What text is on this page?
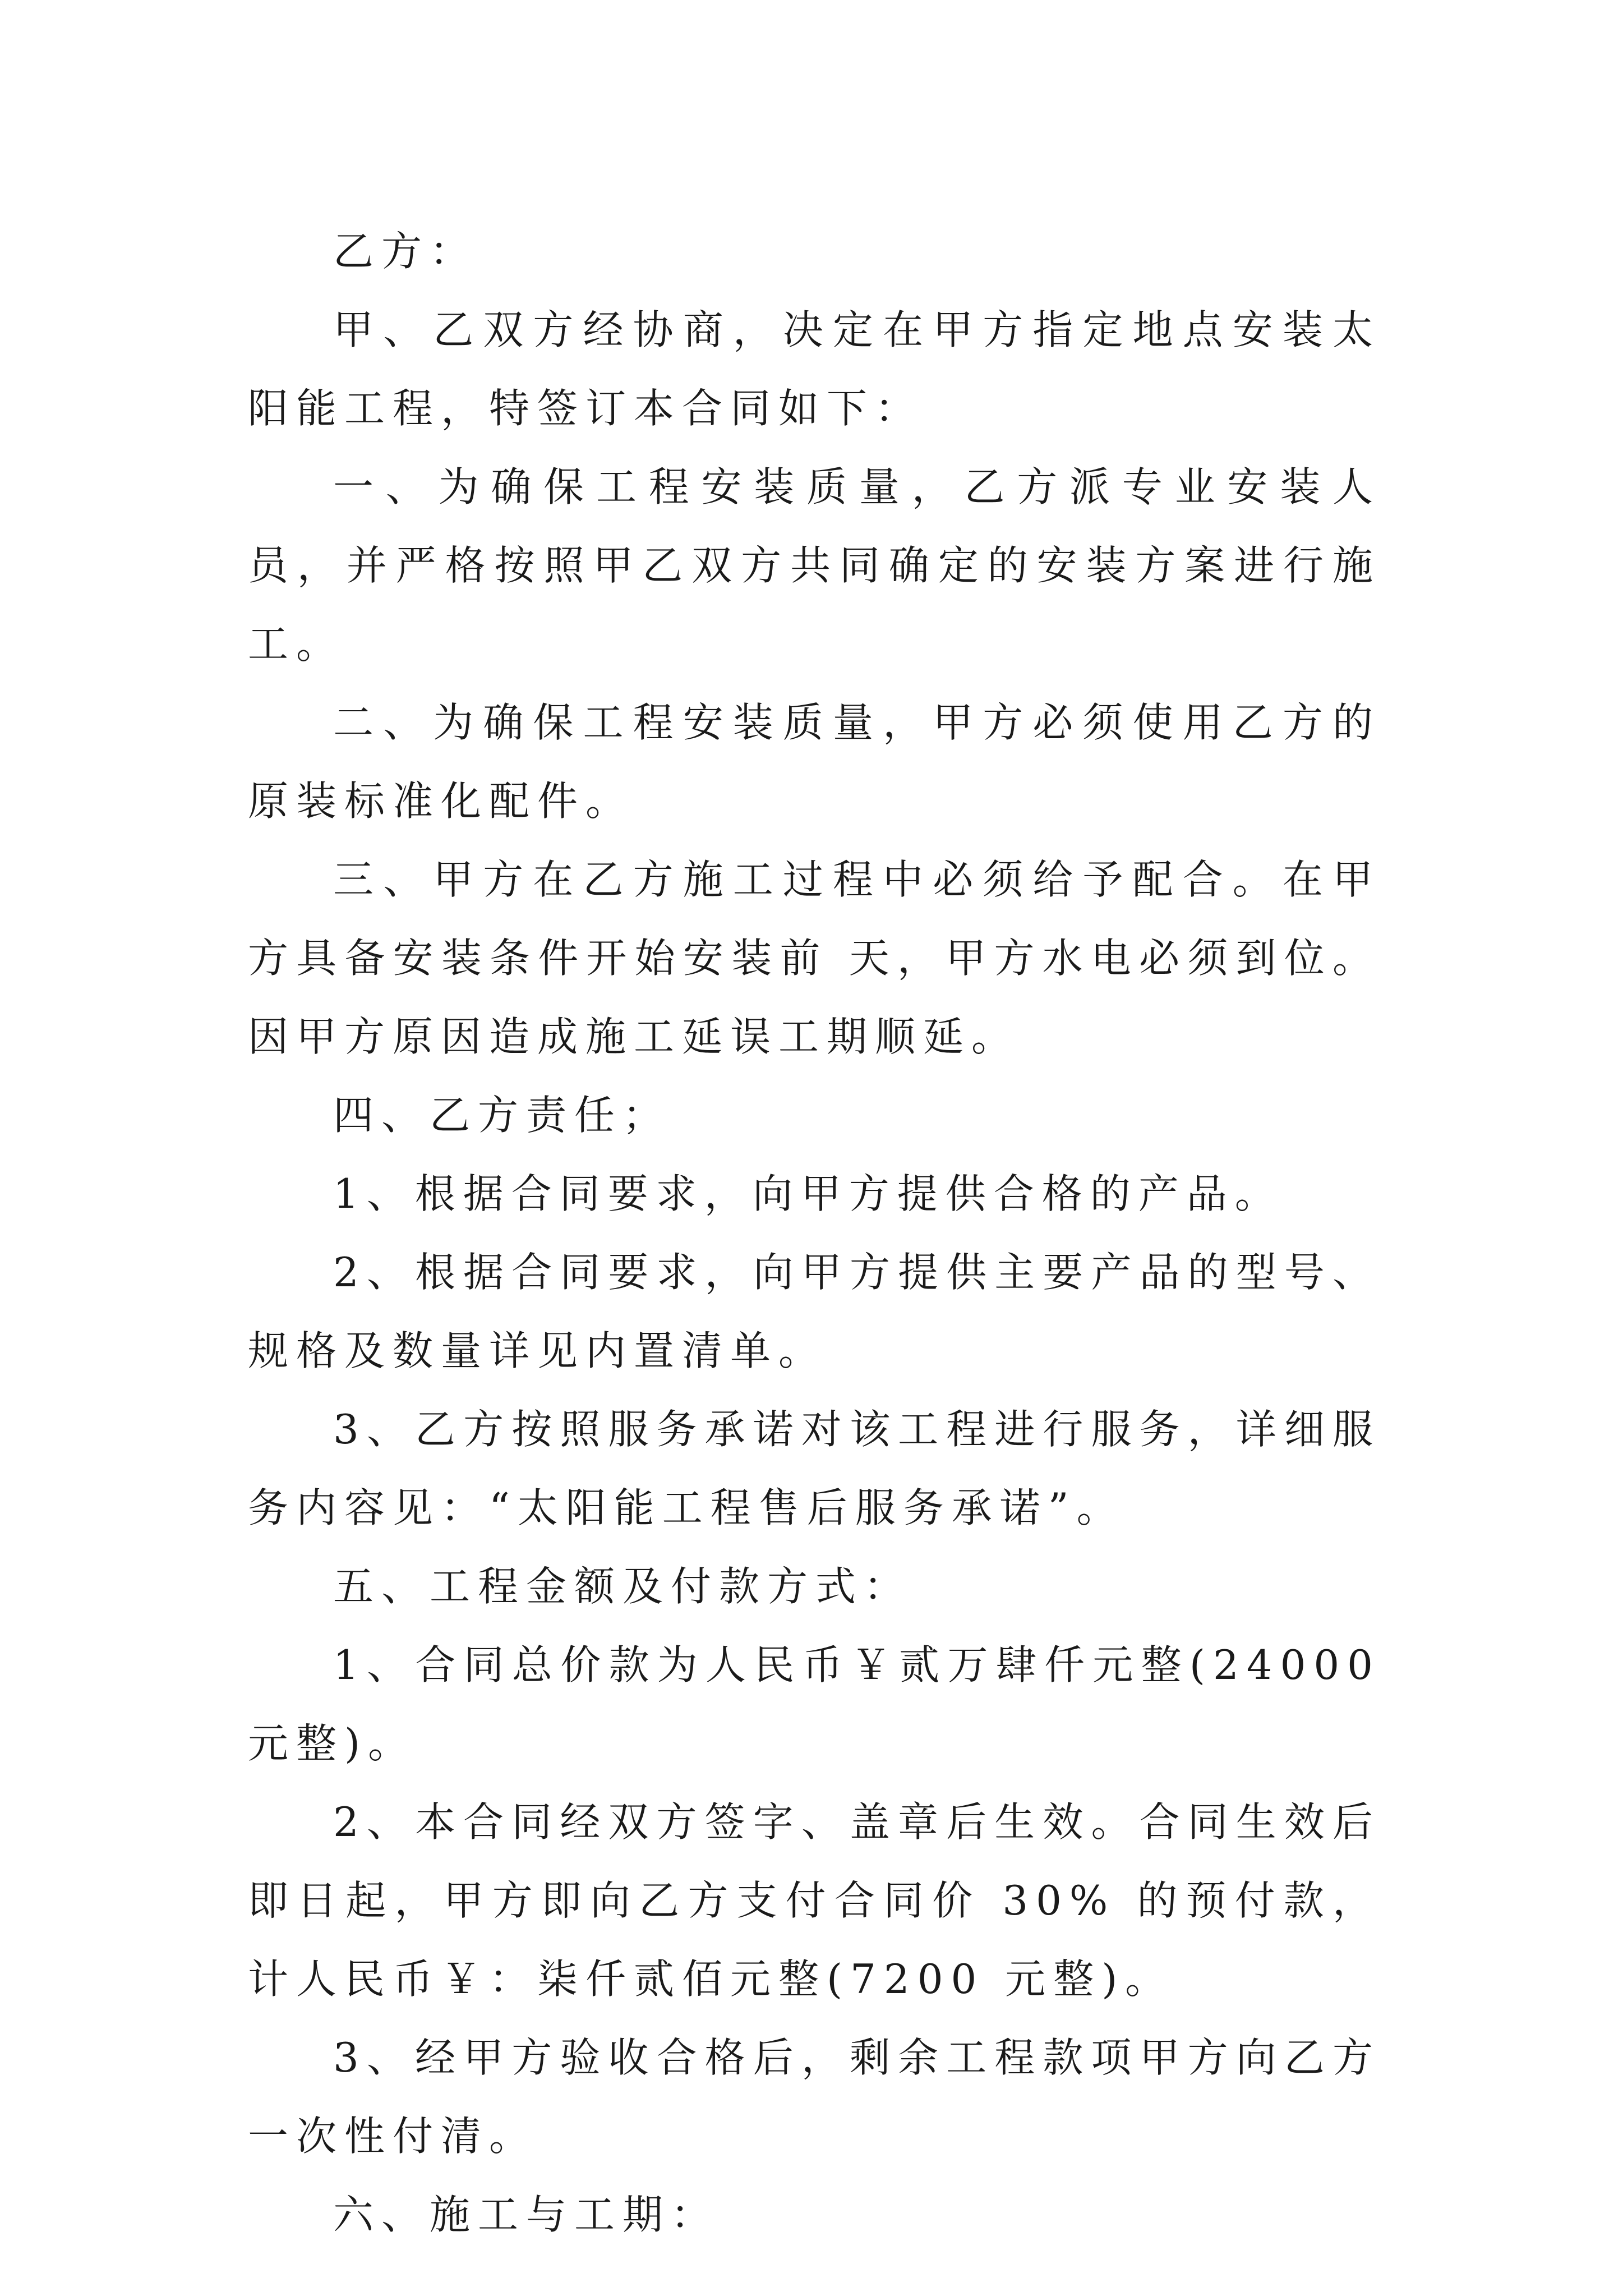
乙方：

甲、乙双方经协商，决定在甲方指定地点安装太阳能工程，特签订本合同如下：

一、为确保工程安装质量，乙方派专业安装人员，并严格按照甲乙双方共同确定的安装方案进行施工。

二、为确保工程安装质量，甲方必须使用乙方的原装标准化配件。

三、甲方在乙方施工过程中必须给予配合。在甲方具备安装条件开始安装前 天，甲方水电必须到位。因甲方原因造成施工延误工期顺延。

四、乙方责任；

1、根据合同要求，向甲方提供合格的产品。

2、根据合同要求，向甲方提供主要产品的型号、规格及数量详见内置清单。

3、乙方按照服务承诺对该工程进行服务，详细服务内容见：“太阳能工程售后服务承诺”。

五、工程金额及付款方式：

1、合同总价款为人民币￥贰万肆仟元整(24000 元整)。

2、本合同经双方签字、盖章后生效。合同生效后即日起，甲方即向乙方支付合同价 30% 的预付款，计人民币￥：柒仟贰佰元整(7200 元整)。

3、经甲方验收合格后，剩余工程款项甲方向乙方一次性付清。

六、施工与工期：
